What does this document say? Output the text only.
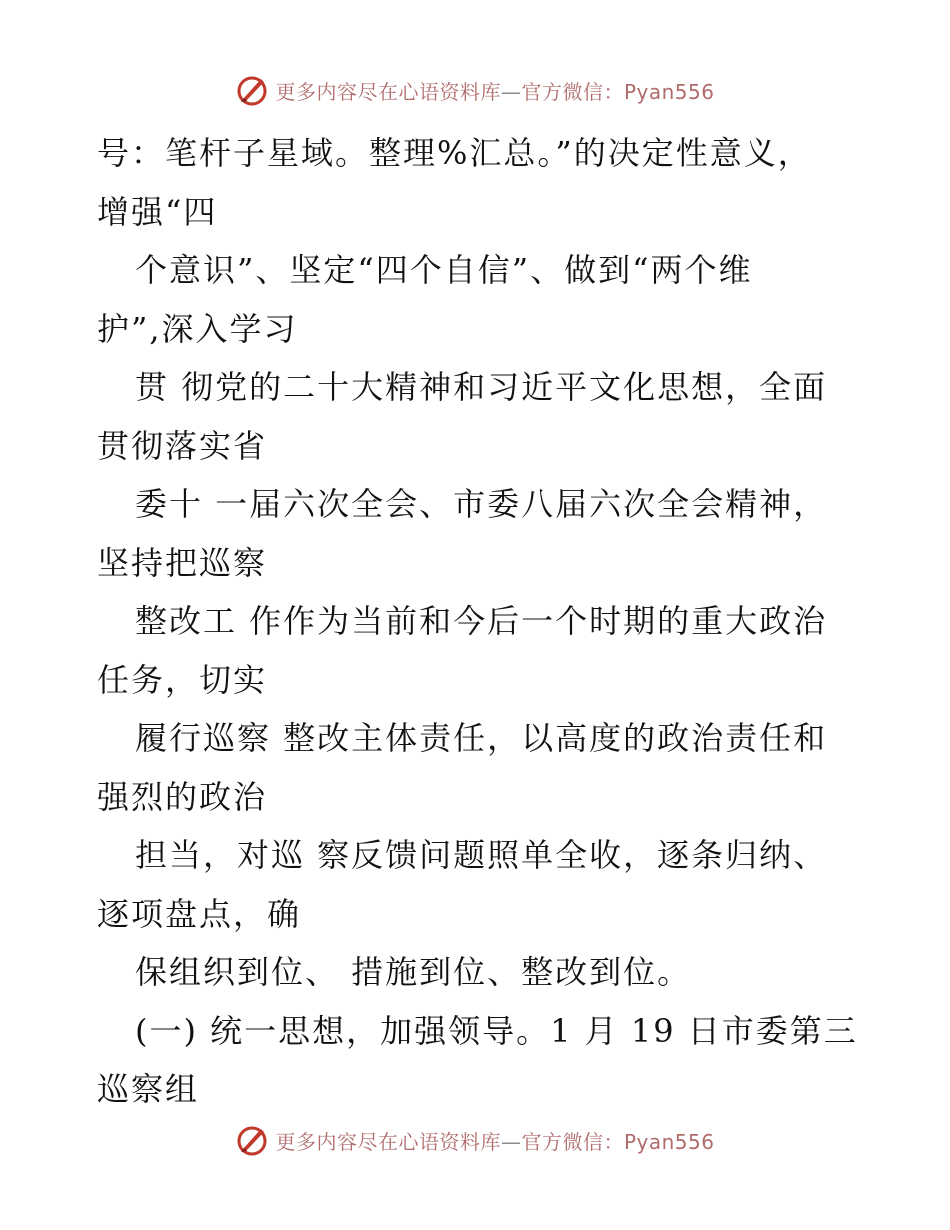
更多内容尽在心语资料库—官方微信：Pyan556
号：笔杆子星域。整理%汇总。”的决定性意义，
增强“四
个意识”、坚定“四个自信”、做到“两个维
护”,深入学习
贯 彻党的二十大精神和习近平文化思想，全面
贯彻落实省
委十 一届六次全会、市委八届六次全会精神，
坚持把巡察
整改工 作作为当前和今后一个时期的重大政治
任务，切实
履行巡察 整改主体责任，以高度的政治责任和
强烈的政治
担当，对巡 察反馈问题照单全收，逐条归纳、
逐项盘点，确
保组织到位、 措施到位、整改到位。
(一) 统一思想，加强领导。1 月 19 日市委第三
巡察组
更多内容尽在心语资料库—官方微信：Pyan556
